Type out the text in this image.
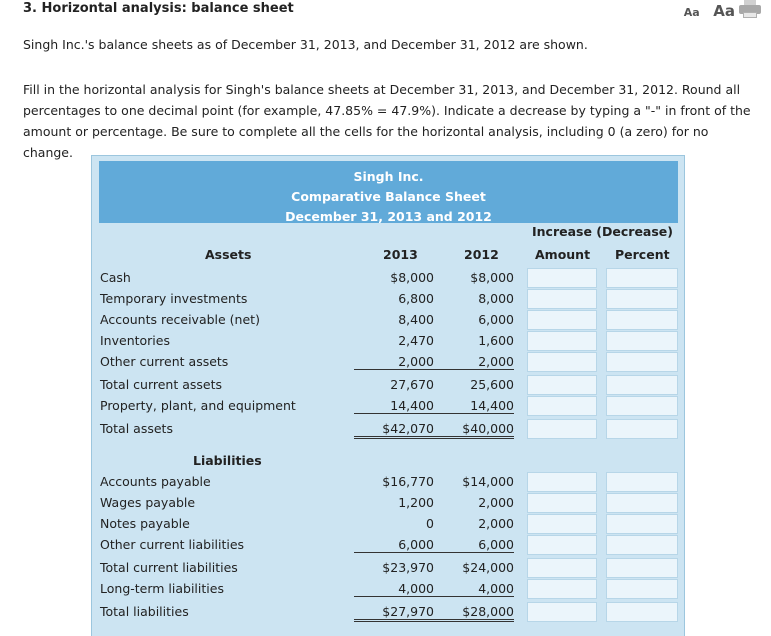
3. Horizontal analysis: balance sheet	Aa Aa
Singh Inc.'s balance sheets as of December 31, 2013, and December 31, 2012 are shown.
Fill in the horizontal analysis for Singh's balance sheets at December 31, 2013, and December 31, 2012. Round all percentages to one decimal point (for example, 47.85% = 47.9%). Indicate a decrease by typing a "-" in front of the amount or percentage. Be sure to complete all the cells for the horizontal analysis, including 0 (a zero) for no change.
Singh Inc.
Comparative Balance Sheet
December 31, 2013 and 2012
Increase (Decrease)
Assets	2013	2012	Amount Percent
Cash	$8,000	$8,000
Temporary investments	6,800	8,000
Accounts receivable (net)	8,400	6,000
Inventories	2,470	1,600
Other current assets	2,000	2,000
Total current assets	27,670	25,600
Property, plant, and equipment	14,400	14,400
Total assets	$42,070	$40,000
Liabilities
Accounts payable	$16,770	$14,000
Wages payable	1,200	2,000
Notes payable	0	2,000
Other current liabilities	6,000	6,000
Total current liabilities	$23,970	$24,000
Long-term liabilities	4,000	4,000
Total liabilities	$27,970	$28,000
